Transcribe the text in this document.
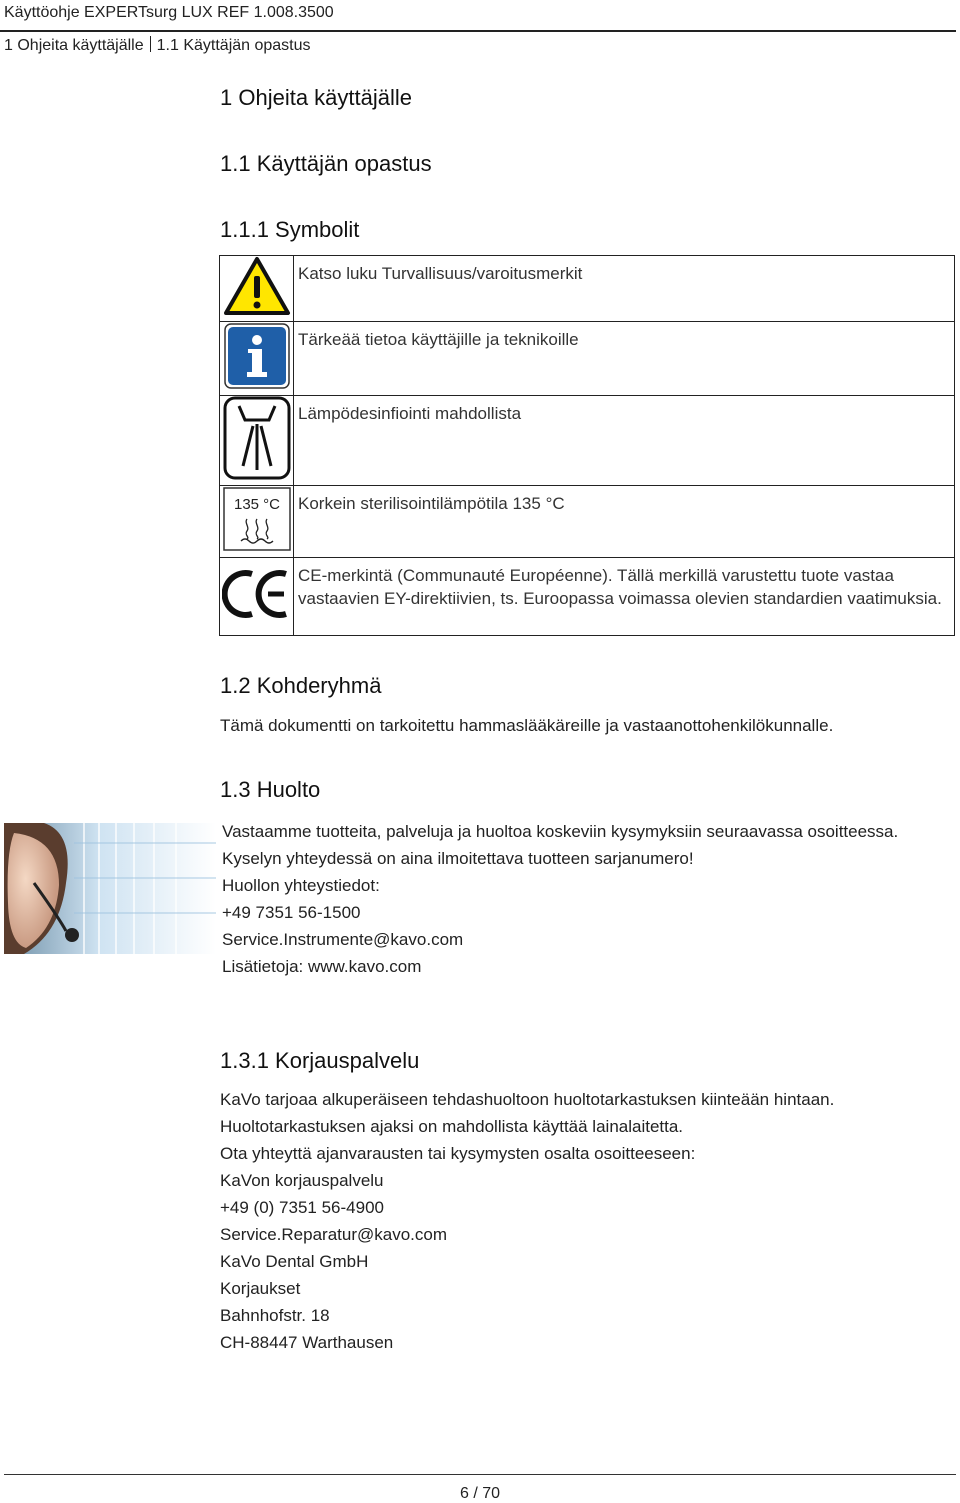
Käyttöohje EXPERTsurg LUX REF 1.008.3500
1 Ohjeita käyttäjälle 1.1 Käyttäjän opastus
1 Ohjeita käyttäjälle
1.1 Käyttäjän opastus
1.1.1 Symbolit
	Katso luku Turvallisuus/varoitusmerkit
	Tärkeää tietoa käyttäjille ja teknikoille
	Lämpödesinfiointi mahdollista

135 °C	Korkein sterilisointilämpötila 135 °C
	CE-merkintä (Communauté Européenne). Tällä merkillä varustettu tuote vastaa vastaavien EY-direktiivien, ts. Euroopassa voimassa olevien standardien vaatimuksia.
1.2 Kohderyhmä

Tämä dokumentti on tarkoitettu hammaslääkäreille ja vastaanottohenkilökunnalle.

1.3 Huolto
Vastaamme tuotteita, palveluja ja huoltoa koskeviin kysymyksiin seuraavassa osoitteessa.
Kyselyn yhteydessä on aina ilmoitettava tuotteen sarjanumero!
Huollon yhteystiedot:
+49 7351 56-1500
Service.Instrumente@kavo.com
Lisätietoja: www.kavo.com
1.3.1 Korjauspalvelu
KaVo tarjoaa alkuperäiseen tehdashuoltoon huoltotarkastuksen kiinteään hintaan.
Huoltotarkastuksen ajaksi on mahdollista käyttää lainalaitetta.
Ota yhteyttä ajanvarausten tai kysymysten osalta osoitteeseen:
KaVon korjauspalvelu
+49 (0) 7351 56-4900
Service.Reparatur@kavo.com
KaVo Dental GmbH
Korjaukset
Bahnhofstr. 18
CH-88447 Warthausen
6 / 70
